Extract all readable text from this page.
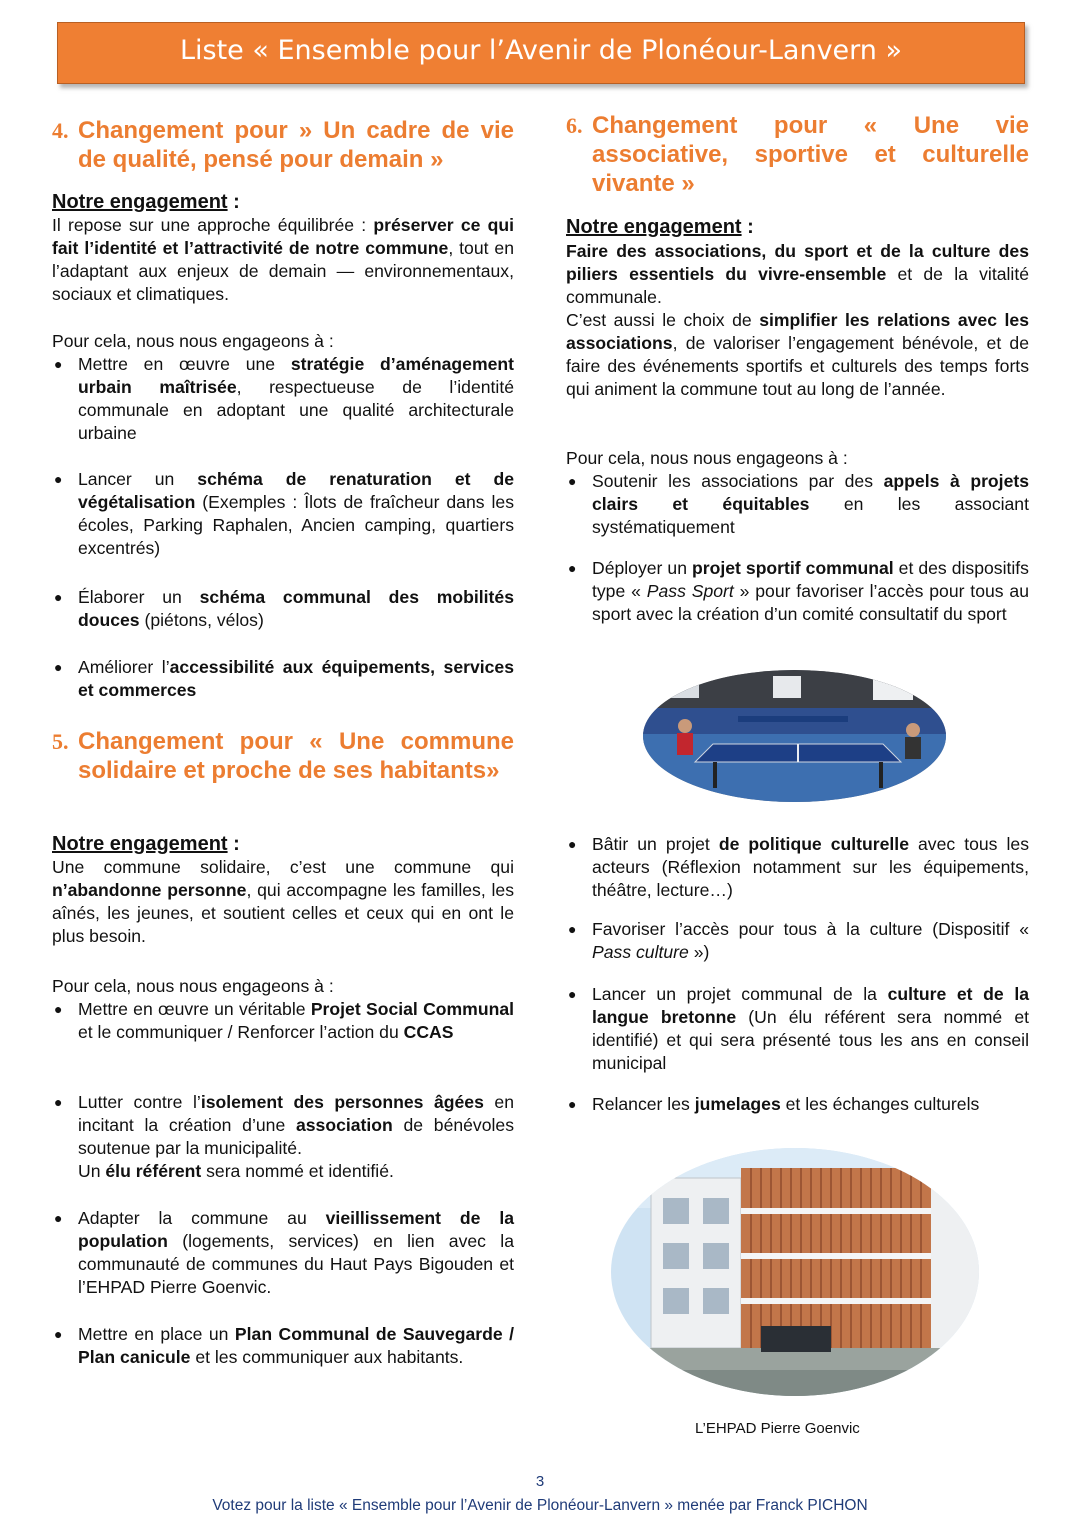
Liste « Ensemble pour l’Avenir de Plonéour-Lanvern »
4. Changement pour » Un cadre de vie de qualité, pensé pour demain »
Notre engagement :
Il repose sur une approche équilibrée : préserver ce qui fait l’identité et l’attractivité de notre commune, tout en l’adaptant aux enjeux de demain — environnementaux, sociaux et climatiques.
Pour cela, nous nous engageons à :
● Mettre en œuvre une stratégie d’aménagement urbain maîtrisée, respectueuse de l’identité communale en adoptant une qualité architecturale urbaine
● Lancer un schéma de renaturation et de végétalisation (Exemples : Îlots de fraîcheur dans les écoles, Parking Raphalen, Ancien camping, quartiers excentrés)
● Élaborer un schéma communal des mobilités douces (piétons, vélos)
● Améliorer l’accessibilité aux équipements, services et commerces
5. Changement pour « Une commune solidaire et proche de ses habitants»
Notre engagement :
Une commune solidaire, c’est une commune qui n’abandonne personne, qui accompagne les familles, les aînés, les jeunes, et soutient celles et ceux qui en ont le plus besoin.
Pour cela, nous nous engageons à :
● Mettre en œuvre un véritable Projet Social Communal et le communiquer / Renforcer l’action du CCAS
● Lutter contre l’isolement des personnes âgées en incitant la création d’une association de bénévoles soutenue par la municipalité.
Un élu référent sera nommé et identifié.
● Adapter la commune au vieillissement de la population (logements, services) en lien avec la communauté de communes du Haut Pays Bigouden et l’EHPAD Pierre Goenvic.
● Mettre en place un Plan Communal de Sauvegarde / Plan canicule et les communiquer aux habitants.
6. Changement pour « Une vie associative, sportive et culturelle vivante »
Notre engagement :
Faire des associations, du sport et de la culture des piliers essentiels du vivre-ensemble et de la vitalité communale.
C’est aussi le choix de simplifier les relations avec les associations, de valoriser l’engagement bénévole, et de faire des événements sportifs et culturels des temps forts qui animent la commune tout au long de l’année.
Pour cela, nous nous engageons à :
● Soutenir les associations par des appels à projets clairs et équitables en les associant systématiquement
● Déployer un projet sportif communal et des dispositifs type « Pass Sport » pour favoriser l’accès pour tous au sport avec la création d’un comité consultatif du sport
● Bâtir un projet de politique culturelle avec tous les acteurs (Réflexion notamment sur les équipements, théâtre, lecture…)
● Favoriser l’accès pour tous à la culture (Dispositif « Pass culture »)
● Lancer un projet communal de la culture et de la langue bretonne (Un élu référent sera nommé et identifié) et qui sera présenté tous les ans en conseil municipal
● Relancer les jumelages et les échanges culturels
L’EHPAD Pierre Goenvic
3
Votez pour la liste « Ensemble pour l’Avenir de Plonéour-Lanvern » menée par Franck PICHON
